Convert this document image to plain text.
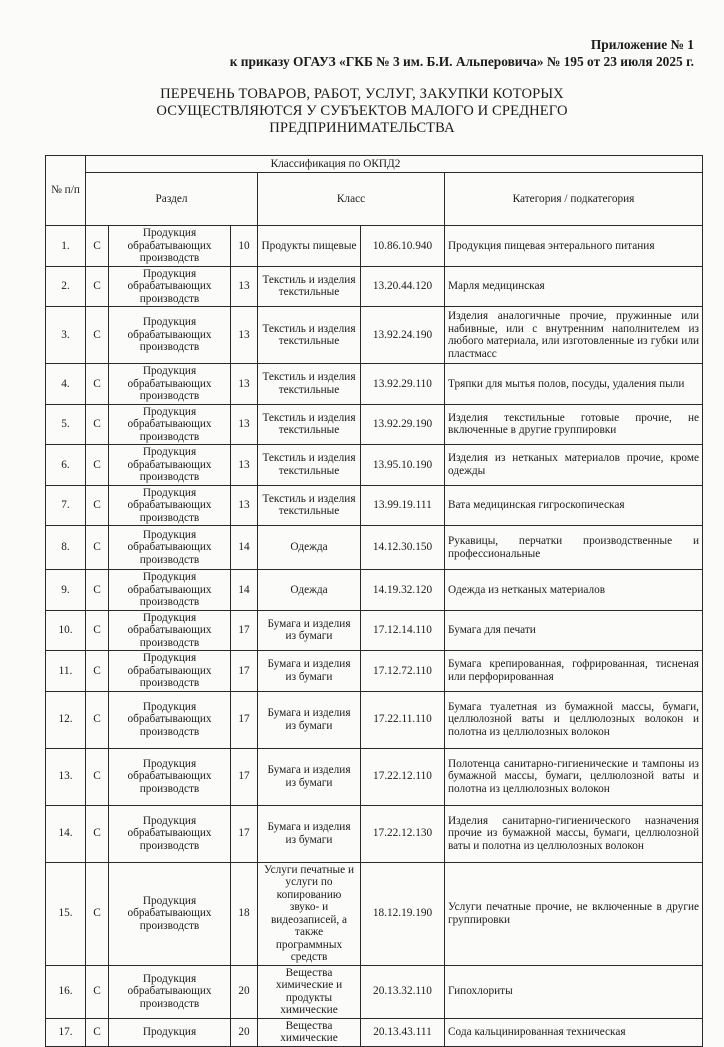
Приложение № 1
к приказу ОГАУЗ «ГКБ № 3 им. Б.И. Альперовича» № 195 от 23 июля 2025 г.
ПЕРЕЧЕНЬ ТОВАРОВ, РАБОТ, УСЛУГ, ЗАКУПКИ КОТОРЫХ
ОСУЩЕСТВЛЯЮТСЯ У СУБЪЕКТОВ МАЛОГО И СРЕДНЕГО
ПРЕДПРИНИМАТЕЛЬСТВА
№ п/п	Классификация по ОКПД2						
	Раздел			Класс		Категория / подкатегория	
1.	С	Продукция обрабатывающих производств	10	Продукты пищевые	10.86.10.940	Продукция пищевая энтерального питания	
2.	С	Продукция обрабатывающих производств	13	Текстиль и изделия текстильные	13.20.44.120	Марля медицинская	
3.	С	Продукция обрабатывающих производств	13	Текстиль и изделия текстильные	13.92.24.190	Изделия аналогичные прочие, пружинные или набивные, или с внутренним наполнителем из любого материала, или изготовленные из губки или пластмасс	
4.	С	Продукция обрабатывающих производств	13	Текстиль и изделия текстильные	13.92.29.110	Тряпки для мытья полов, посуды, удаления пыли	
5.	С	Продукция обрабатывающих производств	13	Текстиль и изделия текстильные	13.92.29.190	Изделия текстильные готовые прочие, не включенные в другие группировки	
6.	С	Продукция обрабатывающих производств	13	Текстиль и изделия текстильные	13.95.10.190	Изделия из нетканых материалов прочие, кроме одежды	
7.	С	Продукция обрабатывающих производств	13	Текстиль и изделия текстильные	13.99.19.111	Вата медицинская гигроскопическая	
8.	С	Продукция обрабатывающих производств	14	Одежда	14.12.30.150	Рукавицы, перчатки производственные и профессиональные	
9.	С	Продукция обрабатывающих производств	14	Одежда	14.19.32.120	Одежда из нетканых материалов	
10.	С	Продукция обрабатывающих производств	17	Бумага и изделия из бумаги	17.12.14.110	Бумага для печати	
11.	С	Продукция обрабатывающих производств	17	Бумага и изделия из бумаги	17.12.72.110	Бумага крепированная, гофрированная, тисненая или перфорированная	
12.	С	Продукция обрабатывающих производств	17	Бумага и изделия из бумаги	17.22.11.110	Бумага туалетная из бумажной массы, бумаги, целлюлозной ваты и целлюлозных волокон и полотна из целлюлозных волокон	
13.	С	Продукция обрабатывающих производств	17	Бумага и изделия из бумаги	17.22.12.110	Полотенца санитарно-гигиенические и тампоны из бумажной массы, бумаги, целлюлозной ваты и полотна из целлюлозных волокон	
14.	С	Продукция обрабатывающих производств	17	Бумага и изделия из бумаги	17.22.12.130	Изделия санитарно-гигиенического назначения прочие из бумажной массы, бумаги, целлюлозной ваты и полотна из целлюлозных волокон	
15.	С	Продукция обрабатывающих производств	18	Услуги печатные и услуги по копированию звуко- и видеозаписей, а также программных средств	18.12.19.190	Услуги печатные прочие, не включенные в другие группировки	
16.	С	Продукция обрабатывающих производств	20	Вещества химические и продукты химические	20.13.32.110	Гипохлориты	
17.	С	Продукция	20	Вещества химические	20.13.43.111	Сода кальцинированная техническая	
